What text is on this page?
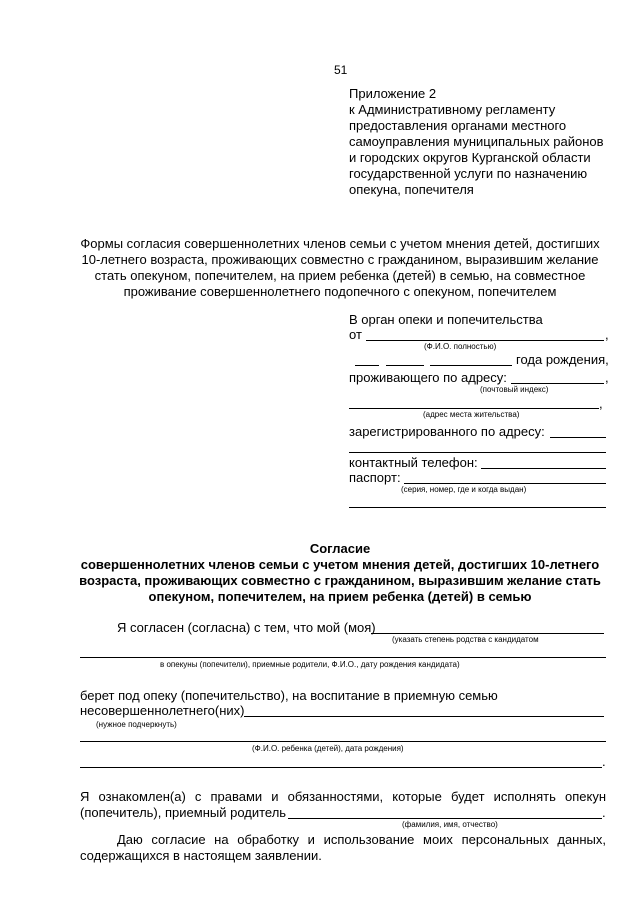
51
Приложение 2
к Административному регламенту
предоставления органами местного
самоуправления муниципальных районов
и городских округов Курганской области
государственной услуги по назначению
опекуна, попечителя
Формы согласия совершеннолетних членов семьи с учетом мнения детей, достигших
10-летнего возраста, проживающих совместно с гражданином, выразившим желание
стать опекуном, попечителем, на прием ребенка (детей) в семью, на совместное
проживание совершеннолетнего подопечного с опекуном, попечителем
В орган опеки и попечительства
от	,
(Ф.И.О. полностью)
года рождения,
проживающего по адресу:	,
(почтовый индекс)
,
(адрес места жительства)
зарегистрированного по адресу:
контактный телефон:
паспорт:
(серия, номер, где и когда выдан)
Согласие
совершеннолетних членов семьи с учетом мнения детей, достигших 10-летнего
возраста, проживающих совместно с гражданином, выразившим желание стать
опекуном, попечителем, на прием ребенка (детей) в семью
Я согласен (согласна) с тем, что мой (моя)
(указать степень родства с кандидатом
в опекуны (попечители), приемные родители, Ф.И.О., дату рождения кандидата)
берет под опеку (попечительство), на воспитание в приемную семью
несовершеннолетнего(них)
(нужное подчеркнуть)
(Ф.И.О. ребенка (детей), дата рождения)
.
Я ознакомлен(а) с правами и обязанностями, которые будет исполнять опекун
(попечитель), приемный родитель	.
(фамилия, имя, отчество)
Даю согласие на обработку и использование моих персональных данных,
содержащихся в настоящем заявлении.
